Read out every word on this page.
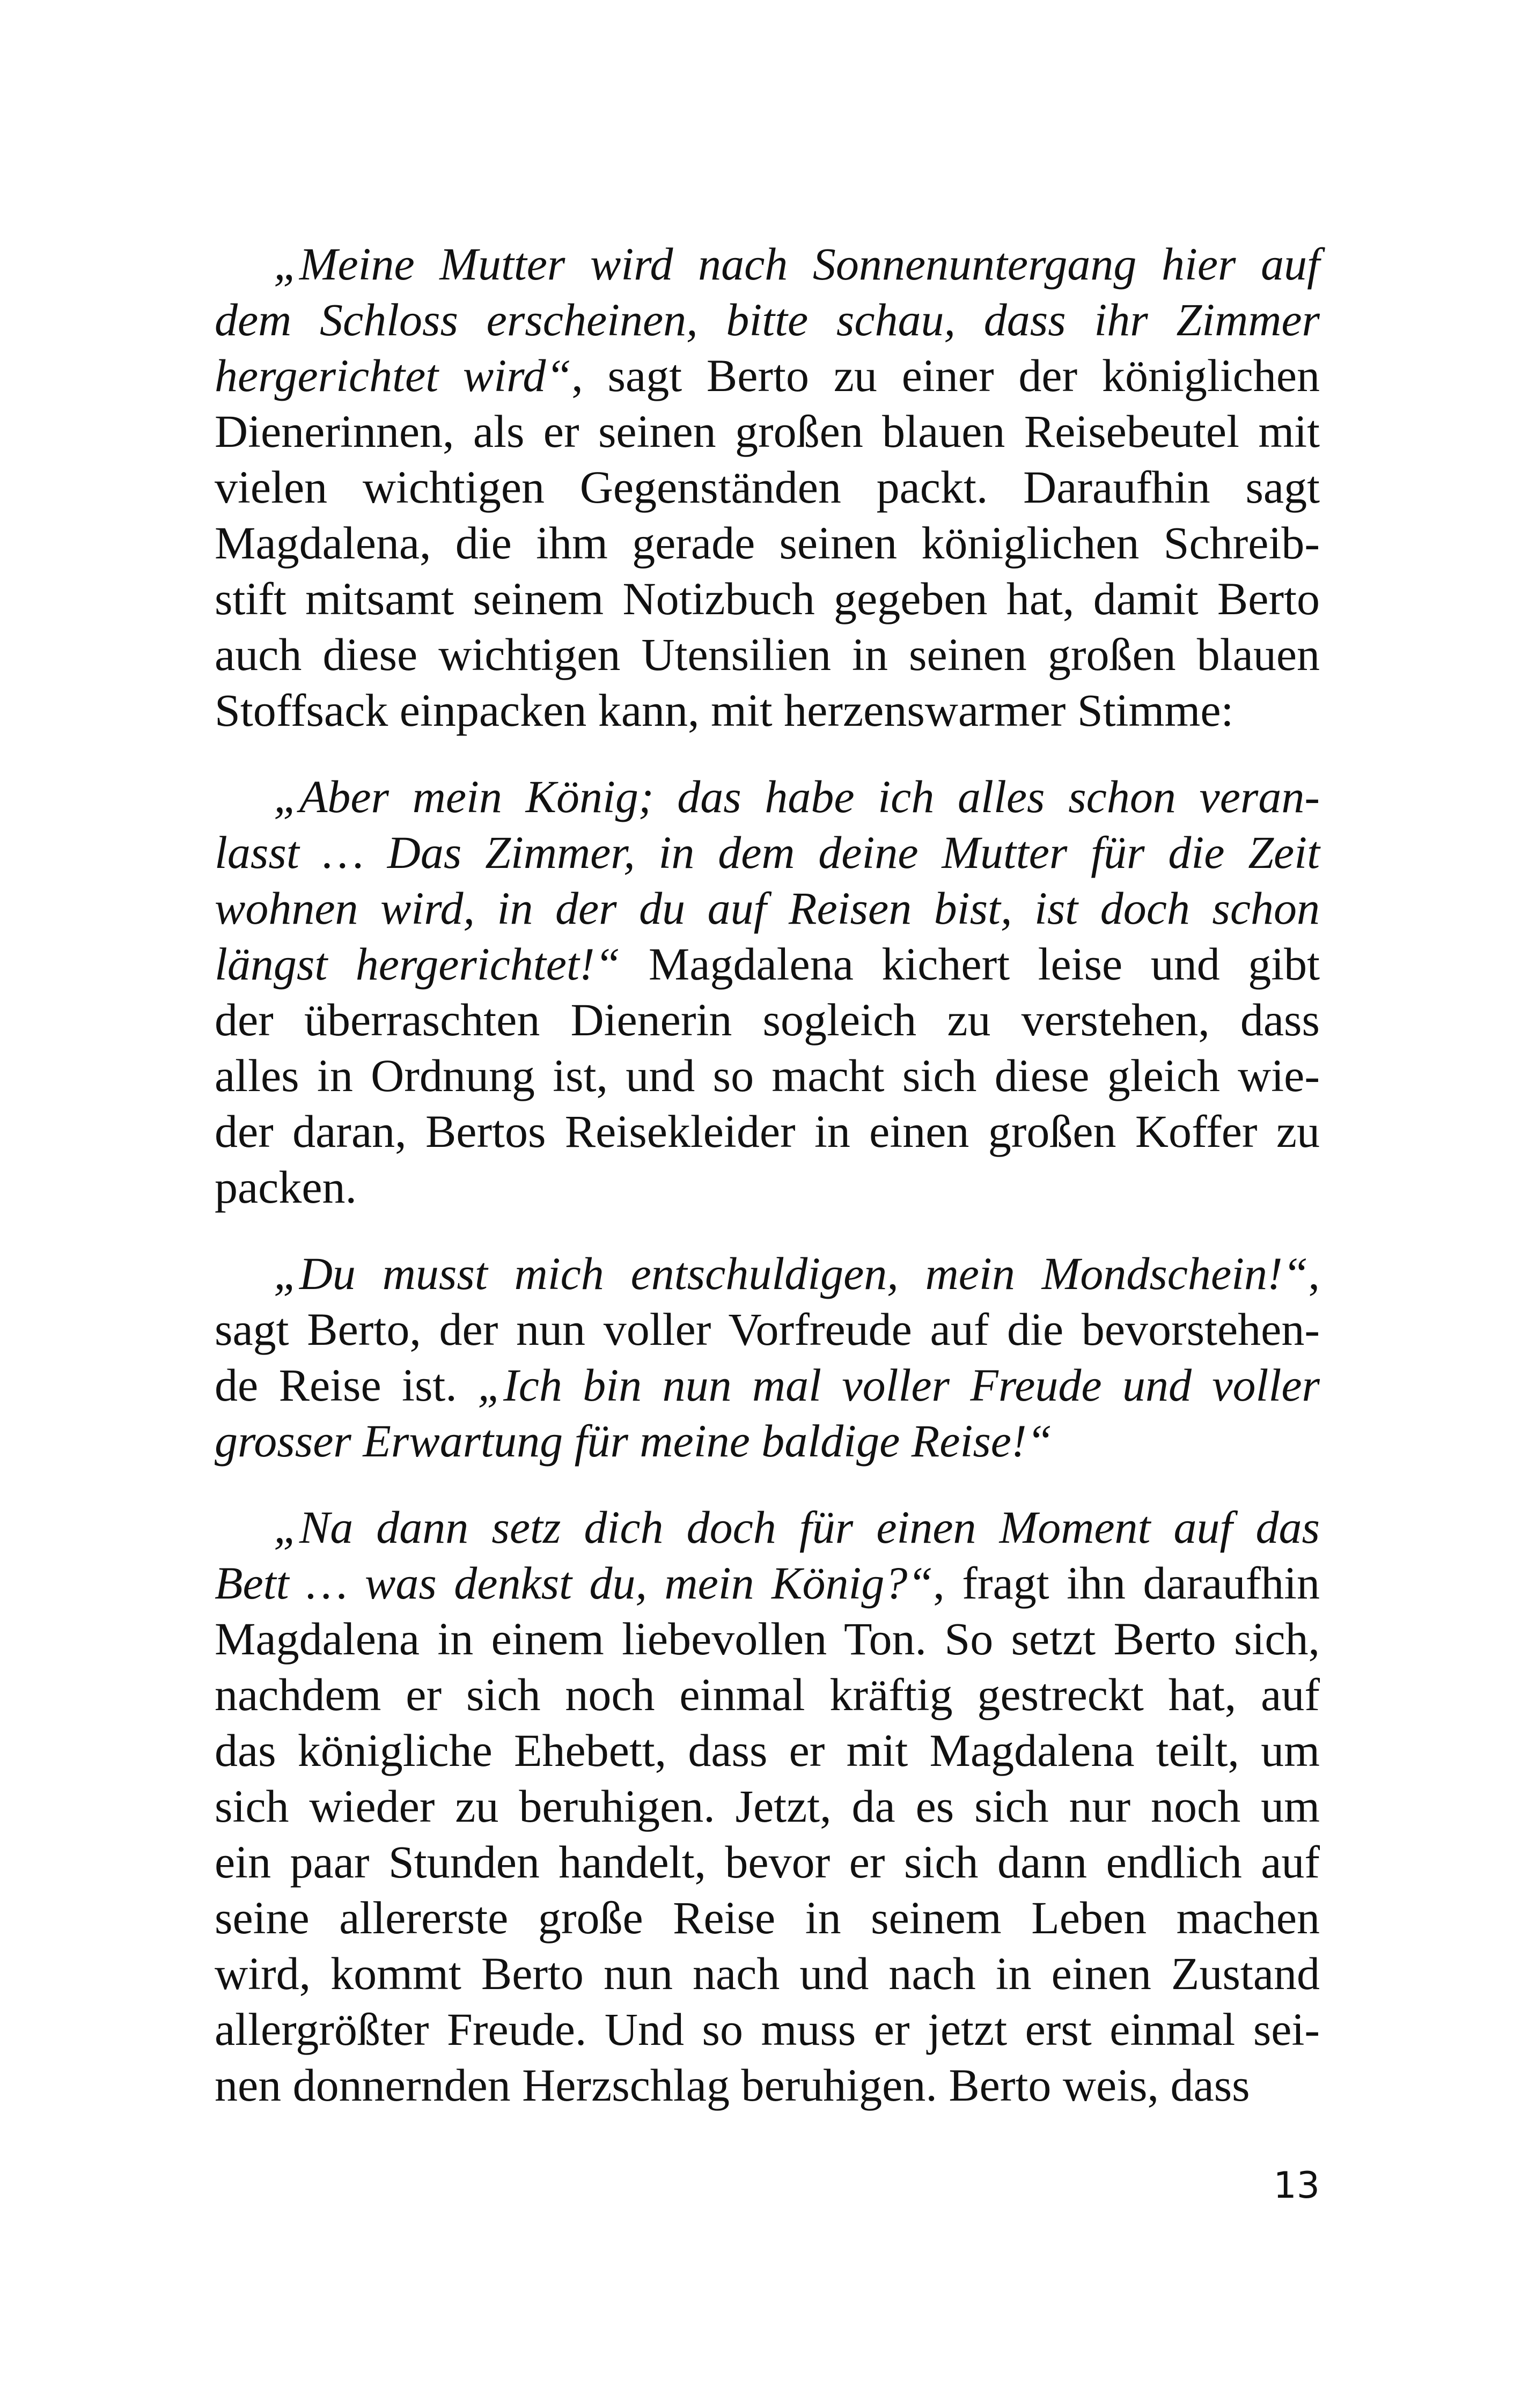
„Meine Mutter wird nach Sonnenuntergang hier auf
dem Schloss erscheinen, bitte schau, dass ihr Zimmer
hergerichtet wird“, sagt Berto zu einer der königlichen
Dienerinnen, als er seinen großen blauen Reisebeutel mit
vielen wichtigen Gegenständen packt. Daraufhin sagt
Magdalena, die ihm gerade seinen königlichen Schreib-
stift mitsamt seinem Notizbuch gegeben hat, damit Berto
auch diese wichtigen Utensilien in seinen großen blauen
Stoffsack einpacken kann, mit herzenswarmer Stimme:
„Aber mein König; das habe ich alles schon veran-
lasst … Das Zimmer, in dem deine Mutter für die Zeit
wohnen wird, in der du auf Reisen bist, ist doch schon
längst hergerichtet!“ Magdalena kichert leise und gibt
der überraschten Dienerin sogleich zu verstehen, dass
alles in Ordnung ist, und so macht sich diese gleich wie-
der daran, Bertos Reisekleider in einen großen Koffer zu
packen.
„Du musst mich entschuldigen, mein Mondschein!“,
sagt Berto, der nun voller Vorfreude auf die bevorstehen-
de Reise ist. „Ich bin nun mal voller Freude und voller
grosser Erwartung für meine baldige Reise!“
„Na dann setz dich doch für einen Moment auf das
Bett … was denkst du, mein König?“, fragt ihn daraufhin
Magdalena in einem liebevollen Ton. So setzt Berto sich,
nachdem er sich noch einmal kräftig gestreckt hat, auf
das königliche Ehebett, dass er mit Magdalena teilt, um
sich wieder zu beruhigen. Jetzt, da es sich nur noch um
ein paar Stunden handelt, bevor er sich dann endlich auf
seine allererste große Reise in seinem Leben machen
wird, kommt Berto nun nach und nach in einen Zustand
allergrößter Freude. Und so muss er jetzt erst einmal sei-
nen donnernden Herzschlag beruhigen. Berto weis, dass
13
